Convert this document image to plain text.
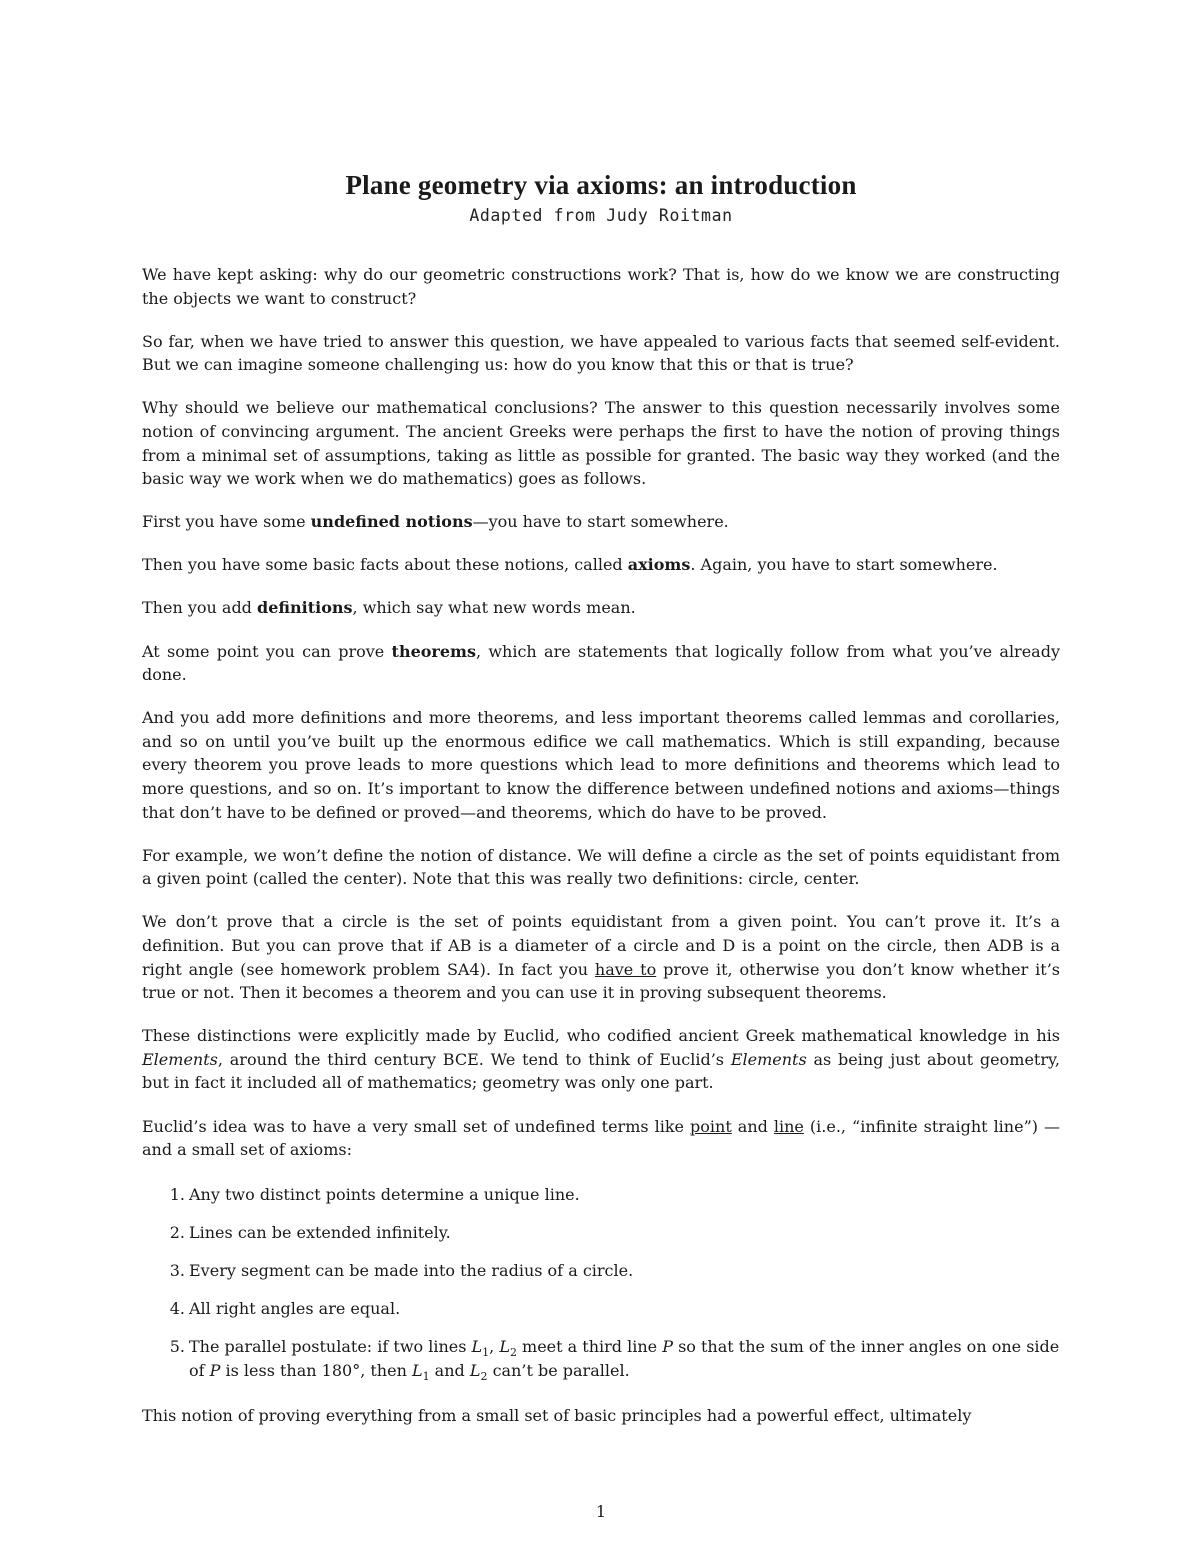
Plane geometry via axioms: an introduction
Adapted from Judy Roitman

We have kept asking: why do our geometric constructions work? That is, how do we know we are constructing the objects we want to construct?

So far, when we have tried to answer this question, we have appealed to various facts that seemed self-evident. But we can imagine someone challenging us: how do you know that this or that is true?

Why should we believe our mathematical conclusions? The answer to this question necessarily involves some notion of convincing argument. The ancient Greeks were perhaps the first to have the notion of proving things from a minimal set of assumptions, taking as little as possible for granted. The basic way they worked (and the basic way we work when we do mathematics) goes as follows.

First you have some undefined notions—you have to start somewhere.

Then you have some basic facts about these notions, called axioms. Again, you have to start somewhere.

Then you add definitions, which say what new words mean.

At some point you can prove theorems, which are statements that logically follow from what you’ve already done.

And you add more definitions and more theorems, and less important theorems called lemmas and corollaries, and so on until you’ve built up the enormous edifice we call mathematics. Which is still expanding, because every theorem you prove leads to more questions which lead to more definitions and theorems which lead to more questions, and so on. It’s important to know the difference between undefined notions and axioms—things that don’t have to be defined or proved—and theorems, which do have to be proved.

For example, we won’t define the notion of distance. We will define a circle as the set of points equidistant from a given point (called the center). Note that this was really two definitions: circle, center.

We don’t prove that a circle is the set of points equidistant from a given point. You can’t prove it. It’s a definition. But you can prove that if AB is a diameter of a circle and D is a point on the circle, then ADB is a right angle (see homework problem SA4). In fact you have to prove it, otherwise you don’t know whether it’s true or not. Then it becomes a theorem and you can use it in proving subsequent theorems.

These distinctions were explicitly made by Euclid, who codified ancient Greek mathematical knowledge in his Elements, around the third century BCE. We tend to think of Euclid’s Elements as being just about geometry, but in fact it included all of mathematics; geometry was only one part.

Euclid’s idea was to have a very small set of undefined terms like point and line (i.e., “infinite straight line”) — and a small set of axioms:

1. Any two distinct points determine a unique line.
2. Lines can be extended infinitely.
3. Every segment can be made into the radius of a circle.
4. All right angles are equal.
5. The parallel postulate: if two lines $L_1$, $L_2$ meet a third line P so that the sum of the inner angles on one side of P is less than 180°, then $L_1$ and $L_2$ can’t be parallel.

This notion of proving everything from a small set of basic principles had a powerful effect, ultimately

1
